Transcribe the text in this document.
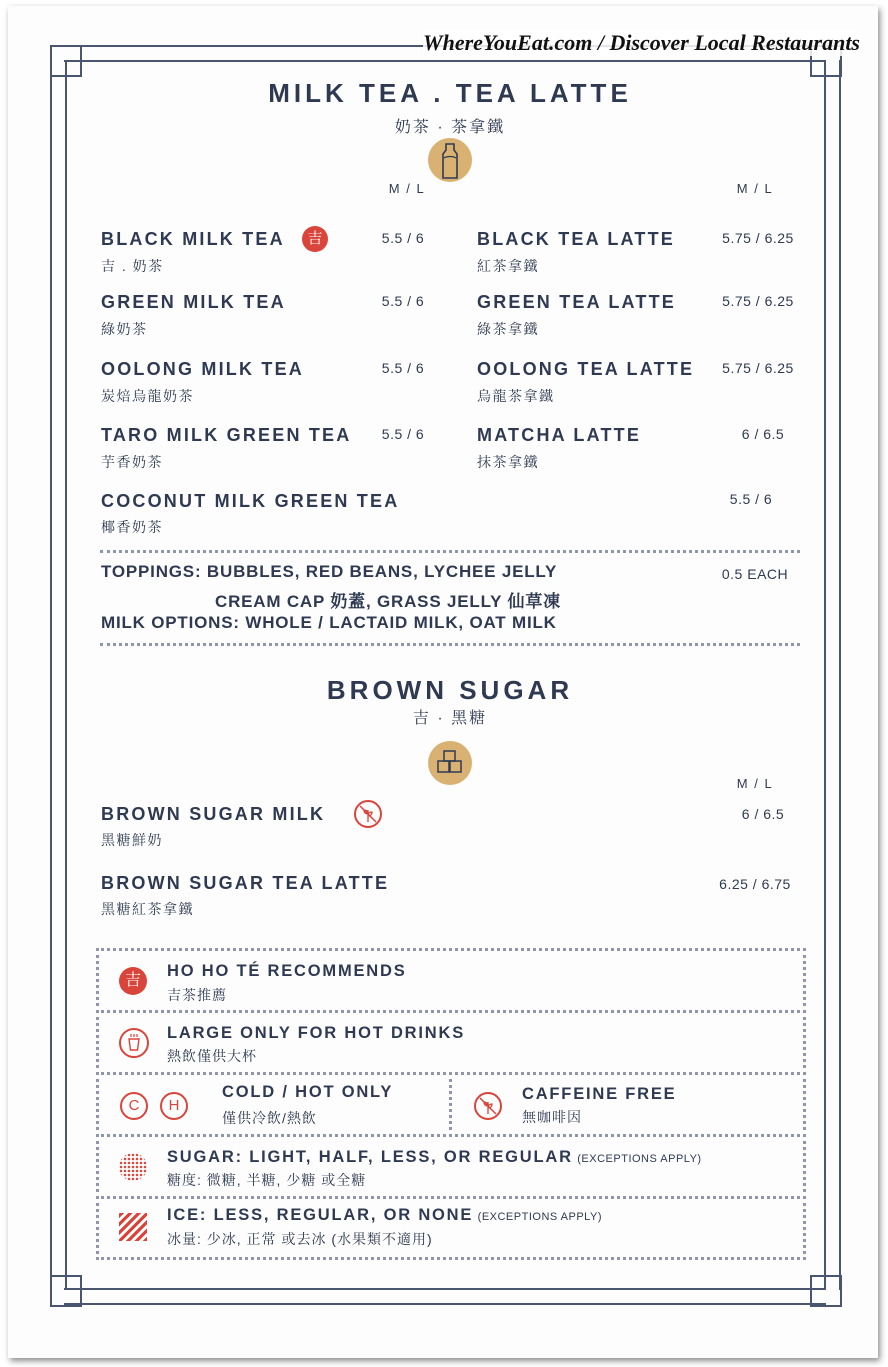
WhereYouEat.com / Discover Local Restaurants
MILK TEA . TEA LATTE
奶茶 · 茶拿鐵
M / L	M / L
BLACK MILK TEA	吉
吉 . 奶茶
5.5 / 6
GREEN MILK TEA
綠奶茶
5.5 / 6
OOLONG MILK TEA
炭焙烏龍奶茶
5.5 / 6
TARO MILK GREEN TEA
芋香奶茶
5.5 / 6
COCONUT MILK GREEN TEA
椰香奶茶
5.5 / 6
BLACK TEA LATTE
紅茶拿鐵
5.75 / 6.25
GREEN TEA LATTE
綠茶拿鐵
5.75 / 6.25
OOLONG TEA LATTE
烏龍茶拿鐵
5.75 / 6.25
MATCHA LATTE
抹茶拿鐵
6 / 6.5
TOPPINGS: BUBBLES, RED BEANS, LYCHEE JELLY
CREAM CAP 奶蓋, GRASS JELLY 仙草凍
0.5 EACH
MILK OPTIONS: WHOLE / LACTAID MILK, OAT MILK
BROWN SUGAR
吉 · 黑糖
M / L
BROWN SUGAR MILK
黑糖鮮奶
6 / 6.5
BROWN SUGAR TEA LATTE
黑糖紅茶拿鐵
6.25 / 6.75
吉
HO HO TÉ RECOMMENDS
吉茶推薦
LARGE ONLY FOR HOT DRINKS
熱飲僅供大杯
C	H
COLD / HOT ONLY
僅供冷飲/熱飲
CAFFEINE FREE
無咖啡因
SUGAR: LIGHT, HALF, LESS, OR REGULAR (EXCEPTIONS APPLY)
糖度: 微糖, 半糖, 少糖 或全糖
ICE: LESS, REGULAR, OR NONE (EXCEPTIONS APPLY)
冰量: 少冰, 正常 或去冰 (水果類不適用)
